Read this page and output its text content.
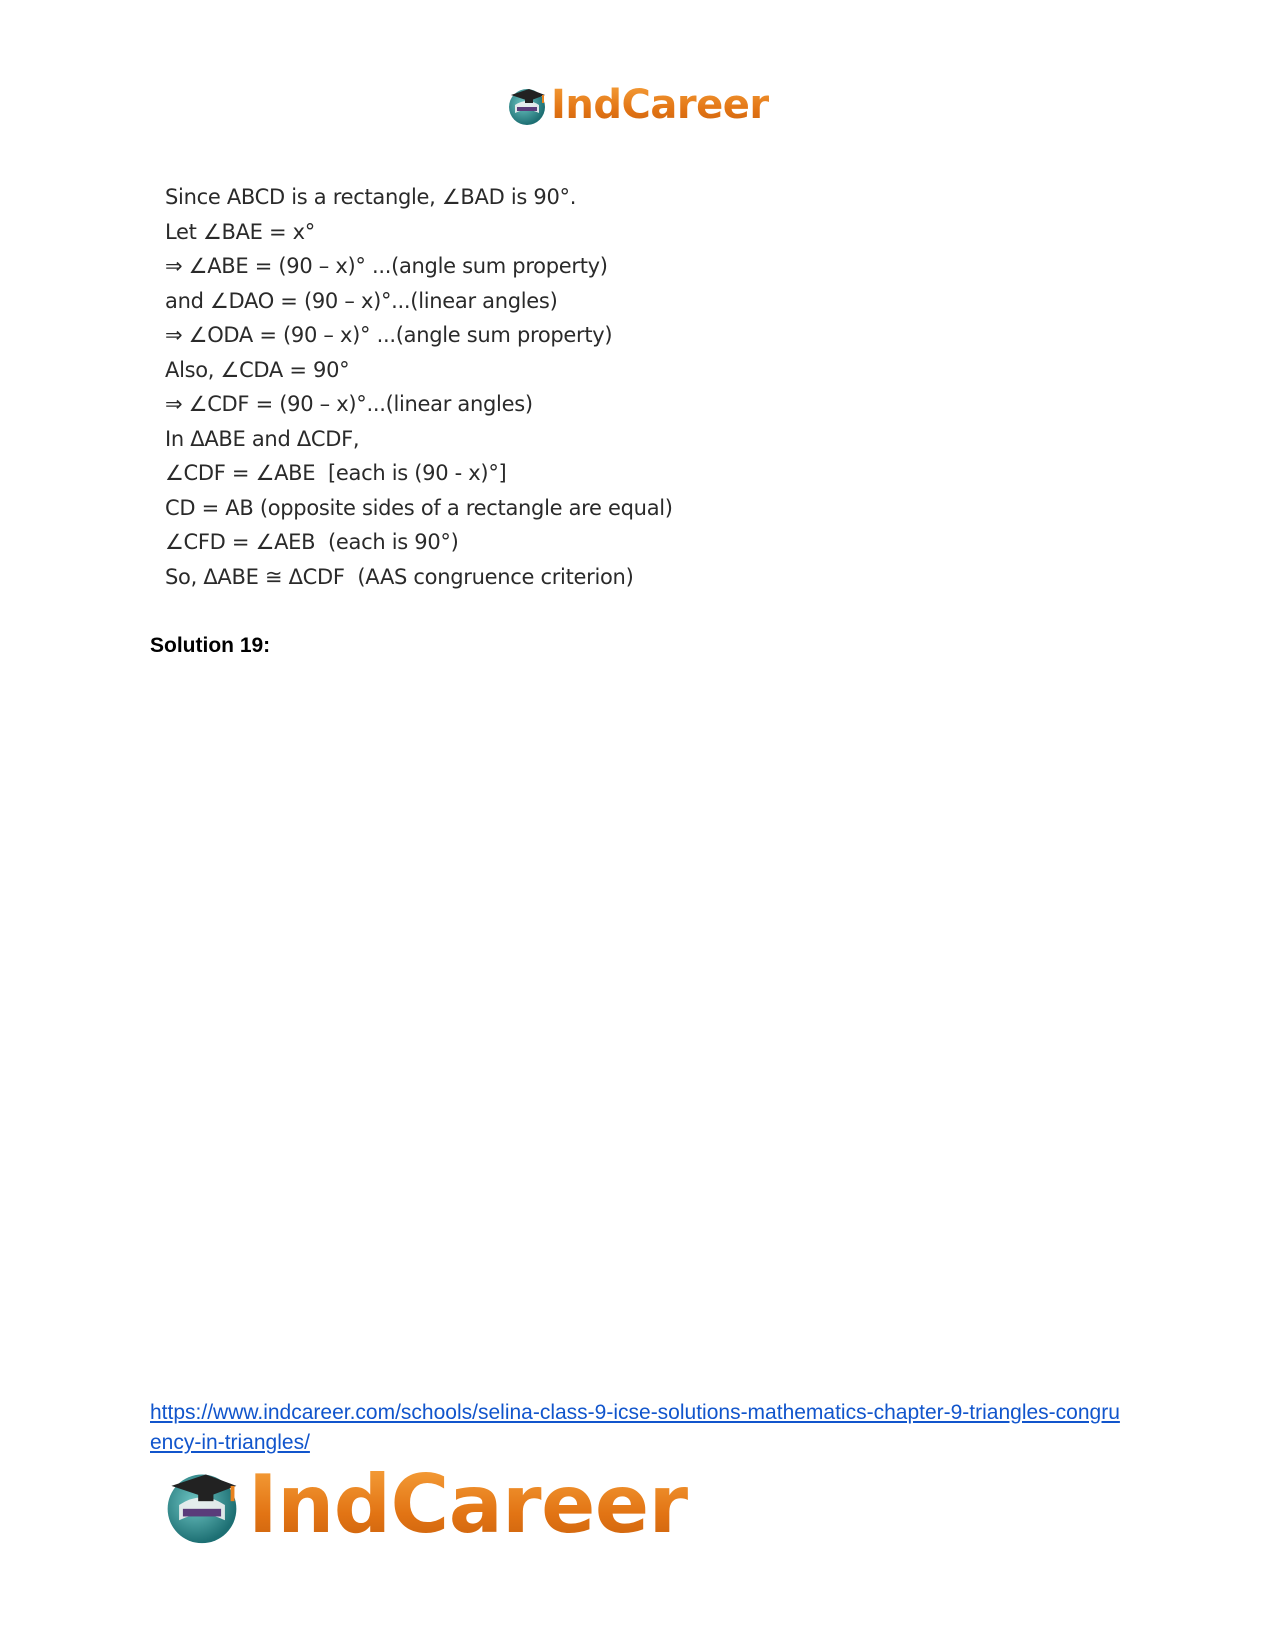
IndCareer
Since ABCD is a rectangle, ∠BAD is 90°.
Let ∠BAE = x°
⇒ ∠ABE = (90 – x)° ...(angle sum property)
and ∠DAO = (90 – x)°...(linear angles)
⇒ ∠ODA = (90 – x)° ...(angle sum property)
Also, ∠CDA = 90°
⇒ ∠CDF = (90 – x)°...(linear angles)
In ΔABE and ΔCDF,
∠CDF = ∠ABE  [each is (90 - x)°]
CD = AB (opposite sides of a rectangle are equal)
∠CFD = ∠AEB  (each is 90°)
So, ΔABE ≅ ΔCDF  (AAS congruence criterion)
Solution 19:
https://www.indcareer.com/schools/selina-class-9-icse-solutions-mathematics-chapter-9-triangles-congruency-in-triangles/
IndCareer
